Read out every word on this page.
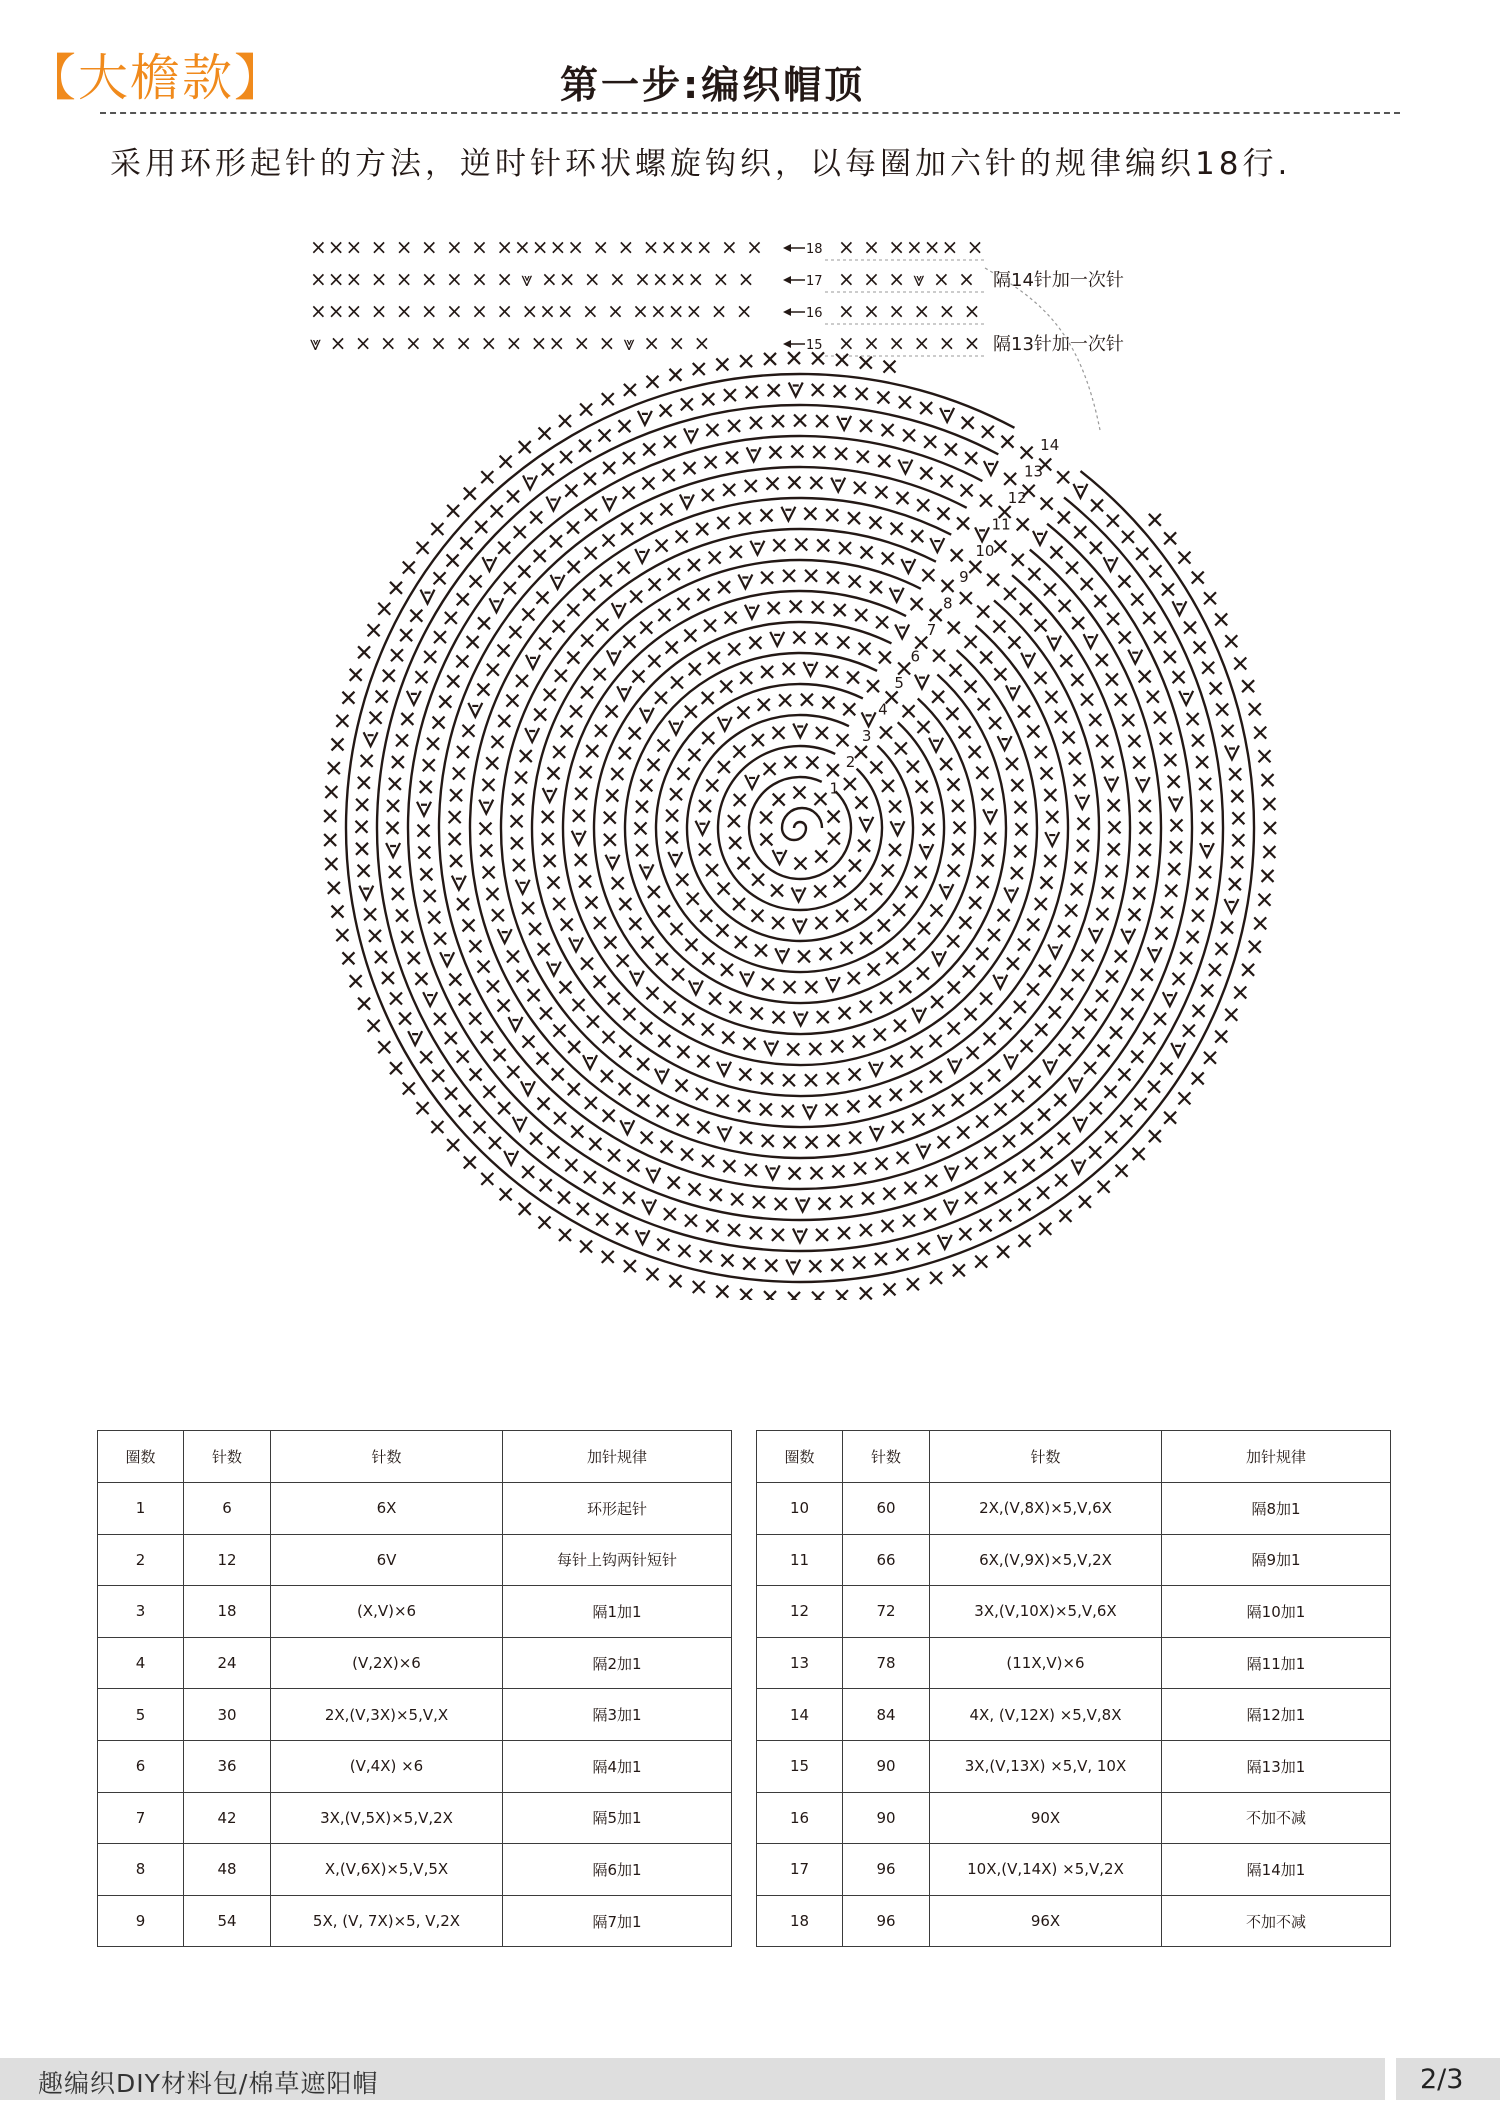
【大檐款】	第一步:编织帽顶
采用环形起针的方法，逆时针环状螺旋钩织，以每圈加六针的规律编织18行.
××× × × × × × ××××× × × ×××× × ×	18 × × ×××× ×
××× × × × × × × ⩔ ×× × × ×××× × ×	17 × × × ⩔ × × 隔14针加一次针
××× × × × × × × ××× × × ×××× × ×	16 × × × × × ×
⩔ × × × × × × × × ×× × × ⩔ × × ×	15 × × × × × × 隔13针加一次针
1
2
3
4
5
6
7
8
9
10
11
12
13
14
圈数	针数	针数	加针规律
1	6	6X	环形起针
2	12	6V	每针上钩两针短针
3	18	(X,V)×6	隔1加1
4	24	(V,2X)×6	隔2加1
5	30	2X,(V,3X)×5,V,X	隔3加1
6	36	(V,4X) ×6	隔4加1
7	42	3X,(V,5X)×5,V,2X	隔5加1
8	48	X,(V,6X)×5,V,5X	隔6加1
9	54	5X, (V, 7X)×5, V,2X	隔7加1
圈数	针数	针数	加针规律
10	60	2X,(V,8X)×5,V,6X	隔8加1
11	66	6X,(V,9X)×5,V,2X	隔9加1
12	72	3X,(V,10X)×5,V,6X	隔10加1
13	78	(11X,V)×6	隔11加1
14	84	4X, (V,12X) ×5,V,8X	隔12加1
15	90	3X,(V,13X) ×5,V, 10X	隔13加1
16	90	90X	不加不减
17	96	10X,(V,14X) ×5,V,2X	隔14加1
18	96	96X	不加不减
趣编织DIY材料包/棉草遮阳帽	2/3
